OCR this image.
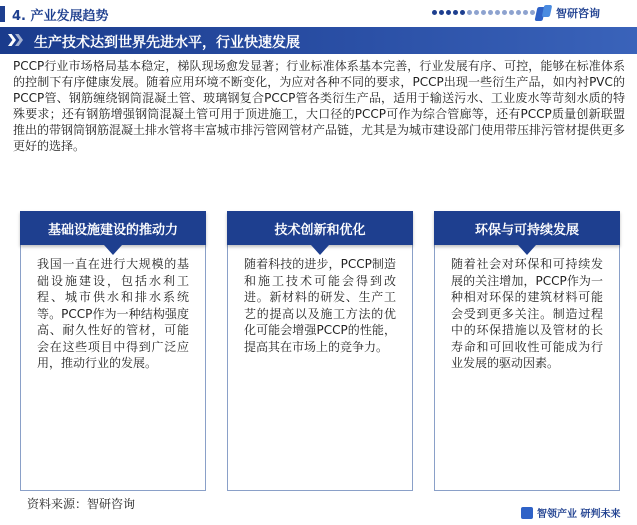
4. 产业发展趋势	智研咨询
生产技术达到世界先进水平，行业快速发展
PCCP行业市场格局基本稳定，梯队现场愈发显著；行业标准体系基本完善，行业发展有序、可控，能够在标准体系的控制下有序健康发展。随着应用环境不断变化，为应对各种不同的要求，PCCP出现一些衍生产品，如内衬PVC的PCCP管、钢筋缠绕钢筒混凝土管、玻璃钢复合PCCP管各类衍生产品，适用于输送污水、工业废水等苛刻水质的特殊要求；还有钢筋增强钢筒混凝土管可用于顶进施工，大口径的PCCP可作为综合管廊等，还有PCCP质量创新联盟推出的带钢筒钢筋混凝土排水管将丰富城市排污管网管材产品链，尤其是为城市建设部门使用带压排污管材提供更多更好的选择。
基础设施建设的推动力
我国一直在进行大规模的基础设施建设，包括水利工程、城市供水和排水系统等。PCCP作为一种结构强度高、耐久性好的管材，可能会在这些项目中得到广泛应用，推动行业的发展。
技术创新和优化
随着科技的进步，PCCP制造和施工技术可能会得到改进。新材料的研发、生产工艺的提高以及施工方法的优化可能会增强PCCP的性能，提高其在市场上的竞争力。
环保与可持续发展
随着社会对环保和可持续发展的关注增加，PCCP作为一种相对环保的建筑材料可能会受到更多关注。制造过程中的环保措施以及管材的长寿命和可回收性可能成为行业发展的驱动因素。
资料来源：智研咨询
智领产业 研判未来
